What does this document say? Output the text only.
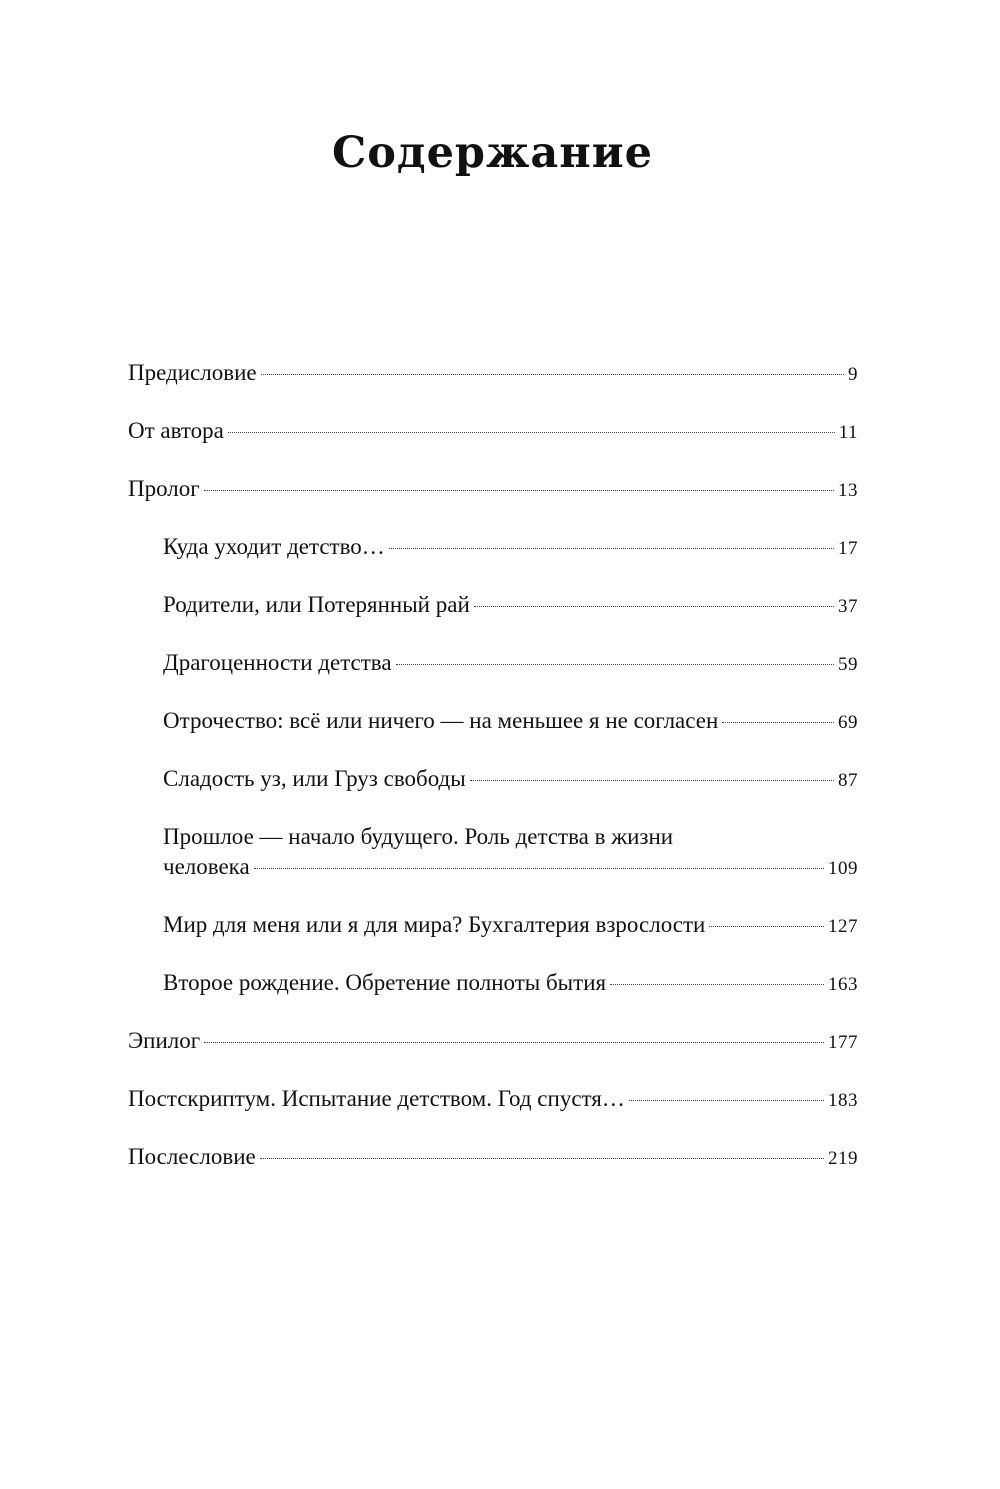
Содержание
Предисловие	9
От автора	11
Пролог	13
Куда уходит детство…	17
Родители, или Потерянный рай	37
Драгоценности детства	59
Отрочество: всё или ничего — на меньшее я не согласен	69
Сладость уз, или Груз свободы	87
Прошлое — начало будущего. Роль детства в жизни
человека	109
Мир для меня или я для мира? Бухгалтерия взрослости	127
Второе рождение. Обретение полноты бытия	163
Эпилог	177
Постскриптум. Испытание детством. Год спустя…	183
Послесловие	219
